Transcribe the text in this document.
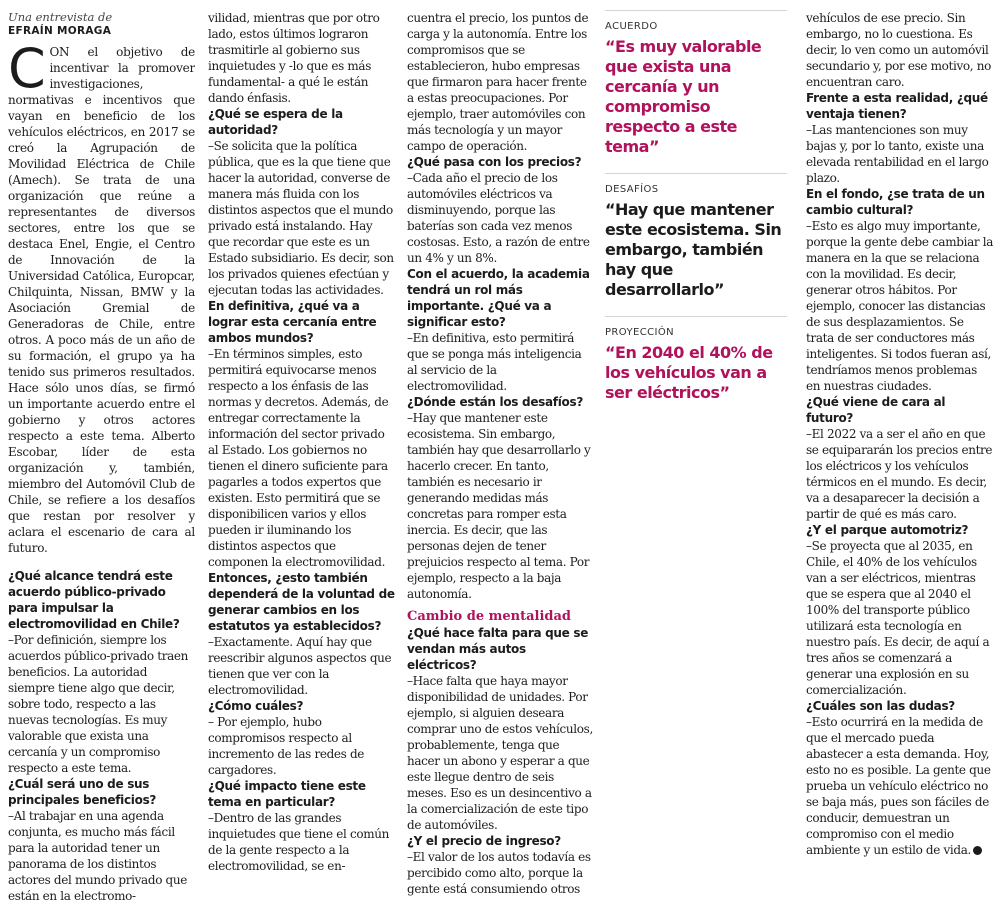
Una entrevista de
EFRAÍN MORAGA

CON el objetivo de incentivar la promover investigaciones, normativas e incentivos que vayan en beneficio de los vehículos eléctricos, en 2017 se creó la Agrupación de Movilidad Eléctrica de Chile (Amech). Se trata de una organización que reúne a representantes de diversos sectores, entre los que se destaca Enel, Engie, el Centro de Innovación de la Universidad Católica, Europcar, Chilquinta, Nissan, BMW y la Asociación Gremial de Generadoras de Chile, entre otros. A poco más de un año de su formación, el grupo ya ha tenido sus primeros resultados. Hace sólo unos días, se firmó un importante acuerdo entre el gobierno y otros actores respecto a este tema. Alberto Escobar, líder de esta organización y, también, miembro del Automóvil Club de Chile, se refiere a los desafíos que restan por resolver y aclara el escenario de cara al futuro.

¿Qué alcance tendrá este acuerdo público-privado para impulsar la electromovilidad en Chile?

–Por definición, siempre los acuerdos público-privado traen beneficios. La autoridad siempre tiene algo que decir, sobre todo, respecto a las nuevas tecnologías. Es muy valorable que exista una cercanía y un compromiso respecto a este tema.

¿Cuál será uno de sus principales beneficios?

–Al trabajar en una agenda conjunta, es mucho más fácil para la autoridad tener un panorama de los distintos actores del mundo privado que están en la electromo-

vilidad, mientras que por otro lado, estos últimos lograron trasmitirle al gobierno sus inquietudes y -lo que es más fundamental- a qué le están dando énfasis.

¿Qué se espera de la autoridad?

–Se solicita que la política pública, que es la que tiene que hacer la autoridad, converse de manera más fluida con los distintos aspectos que el mundo privado está instalando. Hay que recordar que este es un Estado subsidiario. Es decir, son los privados quienes efectúan y ejecutan todas las actividades.

En definitiva, ¿qué va a lograr esta cercanía entre ambos mundos?

–En términos simples, esto permitirá equivocarse menos respecto a los énfasis de las normas y decretos. Además, de entregar correctamente la información del sector privado al Estado. Los gobiernos no tienen el dinero suficiente para pagarles a todos expertos que existen. Esto permitirá que se disponibilicen varios y ellos pueden ir iluminando los distintos aspectos que componen la electromovilidad.

Entonces, ¿esto también dependerá de la voluntad de generar cambios en los estatutos ya establecidos?

–Exactamente. Aquí hay que reescribir algunos aspectos que tienen que ver con la electromovilidad.

¿Cómo cuáles?

– Por ejemplo, hubo compromisos respecto al incremento de las redes de cargadores.

¿Qué impacto tiene este tema en particular?

–Dentro de las grandes inquietudes que tiene el común de la gente respecto a la electromovilidad, se en-

cuentra el precio, los puntos de carga y la autonomía. Entre los compromisos que se establecieron, hubo empresas que firmaron para hacer frente a estas preocupaciones. Por ejemplo, traer automóviles con más tecnología y un mayor campo de operación.

¿Qué pasa con los precios?

–Cada año el precio de los automóviles eléctricos va disminuyendo, porque las baterías son cada vez menos costosas. Esto, a razón de entre un 4% y un 8%.

Con el acuerdo, la academia tendrá un rol más importante. ¿Qué va a significar esto?

–En definitiva, esto permitirá que se ponga más inteligencia al servicio de la electromovilidad.

¿Dónde están los desafíos?

–Hay que mantener este ecosistema. Sin embargo, también hay que desarrollarlo y hacerlo crecer. En tanto, también es necesario ir generando medidas más concretas para romper esta inercia. Es decir, que las personas dejen de tener prejuicios respecto al tema. Por ejemplo, respecto a la baja autonomía.

Cambio de mentalidad

¿Qué hace falta para que se vendan más autos eléctricos?

–Hace falta que haya mayor disponibilidad de unidades. Por ejemplo, si alguien deseara comprar uno de estos vehículos, probablemente, tenga que hacer un abono y esperar a que este llegue dentro de seis meses. Eso es un desincentivo a la comercialización de este tipo de automóviles.

¿Y el precio de ingreso?

–El valor de los autos todavía es percibido como alto, porque la gente está consumiendo otros

ACUERDO
“Es muy valorable que exista una cercanía y un compromiso respecto a este tema”
DESAFÍOS
“Hay que mantener este ecosistema. Sin embargo, también hay que desarrollarlo”
PROYECCIÓN
“En 2040 el 40% de los vehículos van a ser eléctricos”

vehículos de ese precio. Sin embargo, no lo cuestiona. Es decir, lo ven como un automóvil secundario y, por ese motivo, no encuentran caro.

Frente a esta realidad, ¿qué ventaja tienen?

–Las mantenciones son muy bajas y, por lo tanto, existe una elevada rentabilidad en el largo plazo.

En el fondo, ¿se trata de un cambio cultural?

–Esto es algo muy importante, porque la gente debe cambiar la manera en la que se relaciona con la movilidad. Es decir, generar otros hábitos. Por ejemplo, conocer las distancias de sus desplazamientos. Se trata de ser conductores más inteligentes. Si todos fueran así, tendríamos menos problemas en nuestras ciudades.

¿Qué viene de cara al futuro?

–El 2022 va a ser el año en que se equipararán los precios entre los eléctricos y los vehículos térmicos en el mundo. Es decir, va a desaparecer la decisión a partir de qué es más caro.

¿Y el parque automotriz?

–Se proyecta que al 2035, en Chile, el 40% de los vehículos van a ser eléctricos, mientras que se espera que al 2040 el 100% del transporte público utilizará esta tecnología en nuestro país. Es decir, de aquí a tres años se comenzará a generar una explosión en su comercialización.

¿Cuáles son las dudas?

–Esto ocurrirá en la medida de que el mercado pueda abastecer a esta demanda. Hoy, esto no es posible. La gente que prueba un vehículo eléctrico no se baja más, pues son fáciles de conducir, demuestran un compromiso con el medio ambiente y un estilo de vida.
